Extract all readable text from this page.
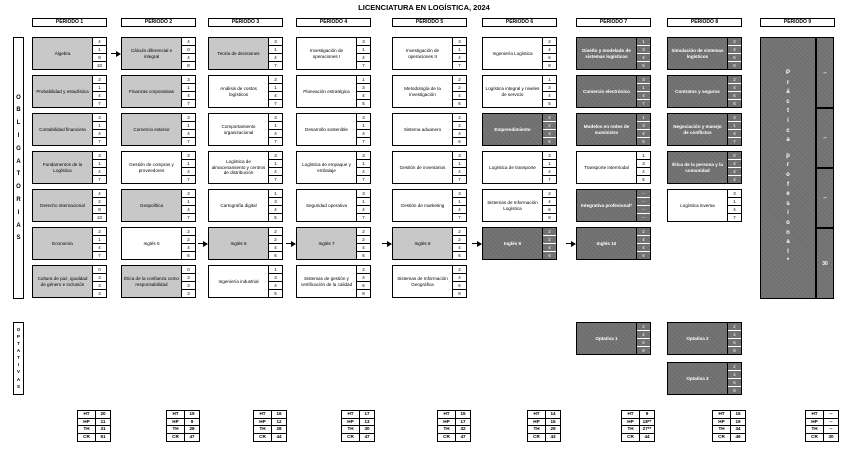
LICENCIATURA EN LOGÍSTICA, 2024
PERIODO 1	PERIODO 2	PERIODO 3	PERIODO 4	PERIODO 5	PERIODO 6	PERIODO 7	PERIODO 8	PERIODO 9
O
B
L
I
G
A
T
O
R
I
A
S
O
P
T
A
T
I
V
A
S
Álgebra
4
1
8
10
Probabilidad y estadística
3
1
4
7
Contabilidad financiera
3
1
4
7
Fundamentos de la Logística
3
1
4
7
Derecho internacional
4
2
8
10
Economía
3
1
4
7
Cultura de paz, igualdad de género e inclusión
0
3
3
3
Cálculo diferencial e integral
4
0
4
8
Finanzas corporativas
3
1
4
7
Comercio exterior
3
1
4
7
Gestión de compras y proveedores
3
1
4
7
Geopolítica
3
1
4
7
Inglés 5
2
2
4
6
Ética de la confianza como responsabilidad
0
3
3
3
Teoría de decisiones
3
1
4
7
Análisis de costos logísticos
3
1
4
7
Comportamiento organizacional
3
1
4
7
Logística de almacenamiento y centros de distribución
3
1
4
7
Cartografía digital
1
3
4
5
Inglés 6
2
2
4
6
Ingeniería industrial
1
3
4
5
Investigación de operaciones I
3
1
4
7
Planeación estratégica
1
3
4
5
Desarrollo sostenible
3
1
4
7
Logística de empaque y embalaje
3
1
4
7
Seguridad operativa
3
1
4
7
Inglés 7
2
2
4
6
Sistemas de gestión y certificación de la calidad
2
4
6
8
Investigación de operaciones II
3
1
4
7
Metodología de la investigación
2
2
4
6
Sistema aduanero
2
2
4
6
Gestión de inventarios
3
1
4
7
Gestión de marketing
3
1
4
7
Inglés 8
2
2
4
6
Sistemas de Información Geográfica
2
4
6
8
Ingeniería Logística
2
4
6
8
Logística integral y niveles de servicio
1
3
4
5
Emprendimiento
2
2
4
6
Logística de transporte
3
1
4
7
Sistemas de Información Logística
2
4
6
8
Inglés 9
2
2
4
6
Diseño y modelado de sistemas logísticos
1
3
4
5
Comercio electrónico
3
1
4
7
Modelos en redes de suministro
1
3
4
5
Transporte intermodal
1
3
4
5
Integrativa profesional*
--
--
--
--
Inglés 10
2
4
4
6
Simulación de sistemas logísticos
2
4
6
8
Contratos y seguros
2
4
6
8
Negociación y manejo de conflictos
3
1
4
7
Ética de la persona y la comunidad
0
4
4
4
Logística inversa
3
1
4
7
Optativa 1
2
4
6
8
Optativa 2
2
4
6
8
Optativa 3
2
4
6
8
P
r
á
c
t
i
c
a
p
r
o
f
e
s
i
o
n
a
l
*
--
--
--
30
HT	20
HP	11
TH	31
CR	51
HT	19
HP	9
TH	28
CR	47
HT	16
HP	12
TH	28
CR	44
HT	17
HP	13
TH	30
CR	47
HT	15
HP	17
TH	32
CR	47
HT	14
HP	15
TH	29
CR	43
HT	9
HP	18**
TH	27**
CR	44
HT	15
HP	19
TH	34
CR	49
HT	--
HP	--
TH	--
CR	30
